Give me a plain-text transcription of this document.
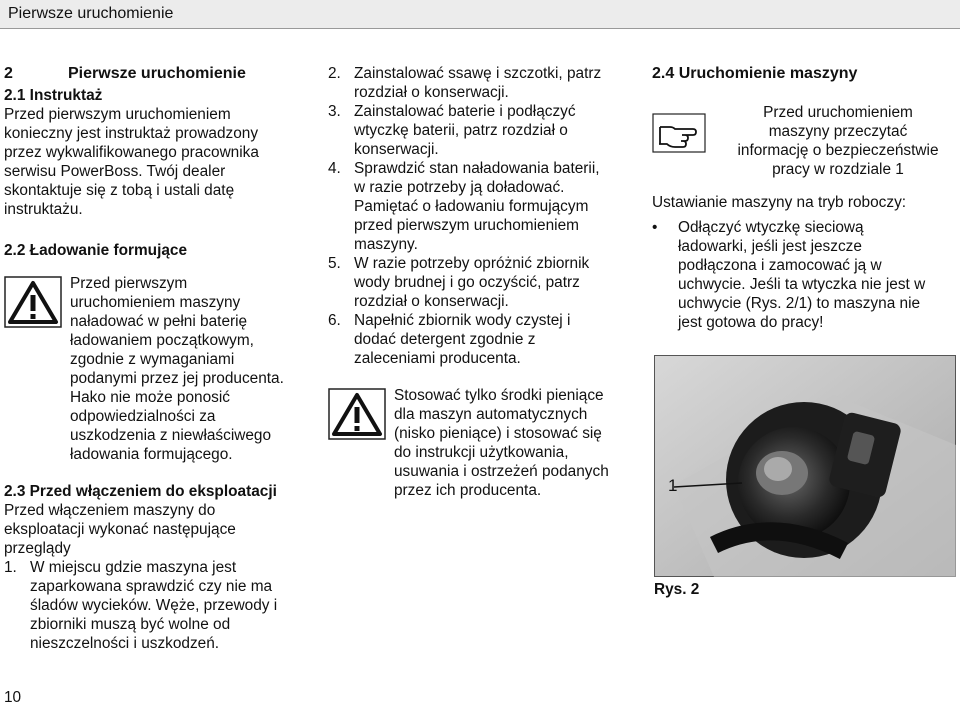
Pierwsze uruchomienie
2	Pierwsze uruchomienie

2.1 Instruktaż

Przed pierwszym uruchomieniem
konieczny jest instruktaż prowadzony
przez wykwalifikowanego pracownika
serwisu PowerBoss. Twój dealer
skontaktuje się z tobą i ustali datę
instruktażu.

2.2 Ładowanie formujące

Przed pierwszym
uruchomieniem maszyny
naładować w pełni baterię
ładowaniem początkowym,
zgodnie z wymaganiami
podanymi przez jej producenta.
Hako nie może ponosić
odpowiedzialności za
uszkodzenia z niewłaściwego
ładowania formującego.

2.3 Przed włączeniem do eksploatacji

Przed włączeniem maszyny do
eksploatacji wykonać następujące
przeglądy
1. W miejscu gdzie maszyna jest
zaparkowana sprawdzić czy nie ma
śladów wycieków. Węże, przewody i
zbiorniki muszą być wolne od
nieszczelności i uszkodzeń.
2. Zainstalować ssawę i szczotki, patrz
rozdział o konserwacji.
3. Zainstalować baterie i podłączyć
wtyczkę baterii, patrz rozdział o
konserwacji.
4. Sprawdzić stan naładowania baterii,
w razie potrzeby ją doładować.
Pamiętać o ładowaniu formującym
przed pierwszym uruchomieniem
maszyny.
5. W razie potrzeby opróżnić zbiornik
wody brudnej i go oczyścić, patrz
rozdział o konserwacji.
6. Napełnić zbiornik wody czystej i
dodać detergent zgodnie z
zaleceniami producenta.
Stosować tylko środki pieniące
dla maszyn automatycznych
(nisko pieniące) i stosować się
do instrukcji użytkowania,
usuwania i ostrzeżeń podanych
przez ich producenta.

2.4 Uruchomienie maszyny

Przed uruchomieniem
maszyny przeczytać
informację o bezpieczeństwie
pracy w rozdziale 1

Ustawianie maszyny na tryb roboczy:

• Odłączyć wtyczkę sieciową
ładowarki, jeśli jest jeszcze
podłączona i zamocować ją w
uchwycie. Jeśli ta wtyczka nie jest w
uchwycie (Rys. 2/1) to maszyna nie
jest gotowa do pracy!
1
Rys. 2
10
